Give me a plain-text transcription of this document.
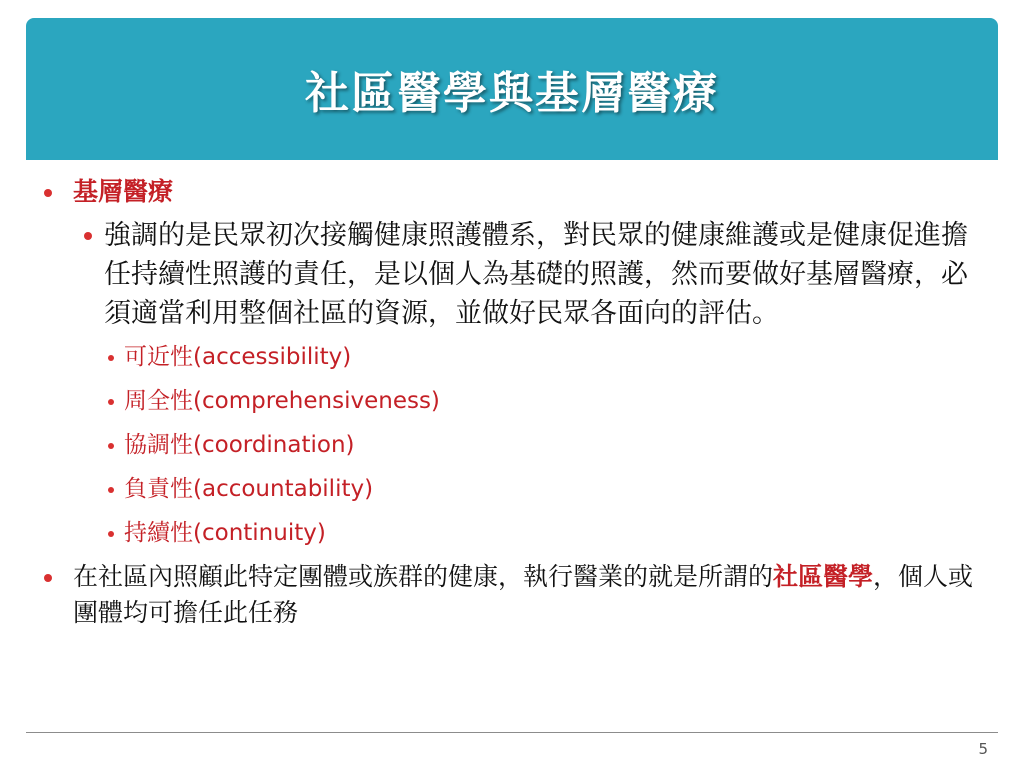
社區醫學與基層醫療
基層醫療
強調的是民眾初次接觸健康照護體系，對民眾的健康維護或是健康促進擔任持續性照護的責任，是以個人為基礎的照護，然而要做好基層醫療，必須適當利用整個社區的資源，並做好民眾各面向的評估。
可近性 (accessibility)
周全性 (comprehensiveness)
協調性 (coordination)
負責性 (accountability)
持續性 (continuity)
在社區內照顧此特定團體或族群的健康，執行醫業的就是所謂的社區醫學，個人或團體均可擔任此任務
5
